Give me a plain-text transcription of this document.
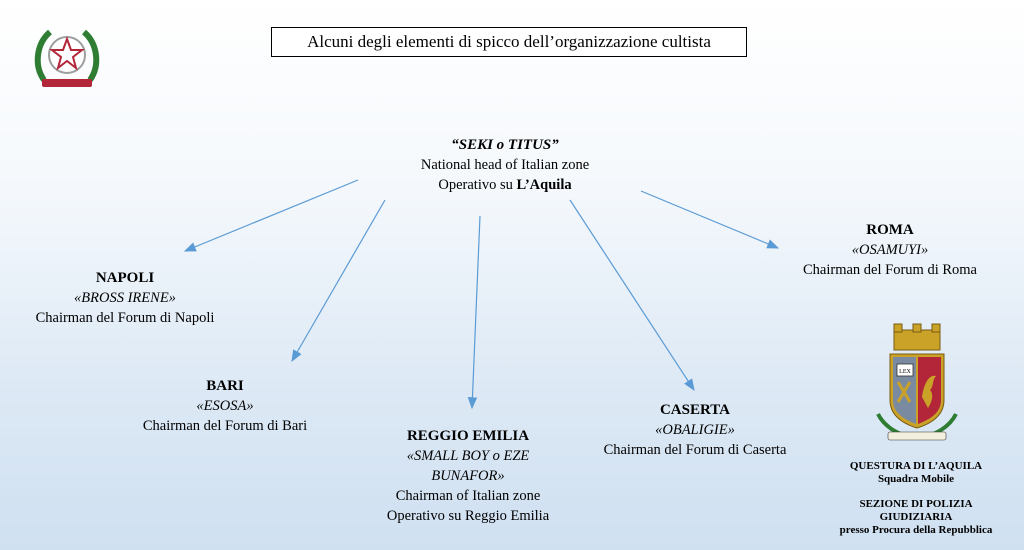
Alcuni degli elementi di spicco dell’organizzazione cultista
“SEKI o TITUS”
National head of Italian zone
Operativo su L’Aquila
NAPOLI
«BROSS IRENE»
Chairman del Forum di Napoli
BARI
«ESOSA»
Chairman del Forum di Bari
REGGIO EMILIA
«SMALL BOY o EZE BUNAFOR»
Chairman of Italian zone
Operativo su Reggio Emilia
CASERTA
«OBALIGIE»
Chairman del Forum di Caserta
ROMA
«OSAMUYI»
Chairman del Forum di Roma
LEX
QUESTURA DI L’AQUILA
Squadra Mobile
SEZIONE DI POLIZIA
GIUDIZIARIA
presso Procura della Repubblica
